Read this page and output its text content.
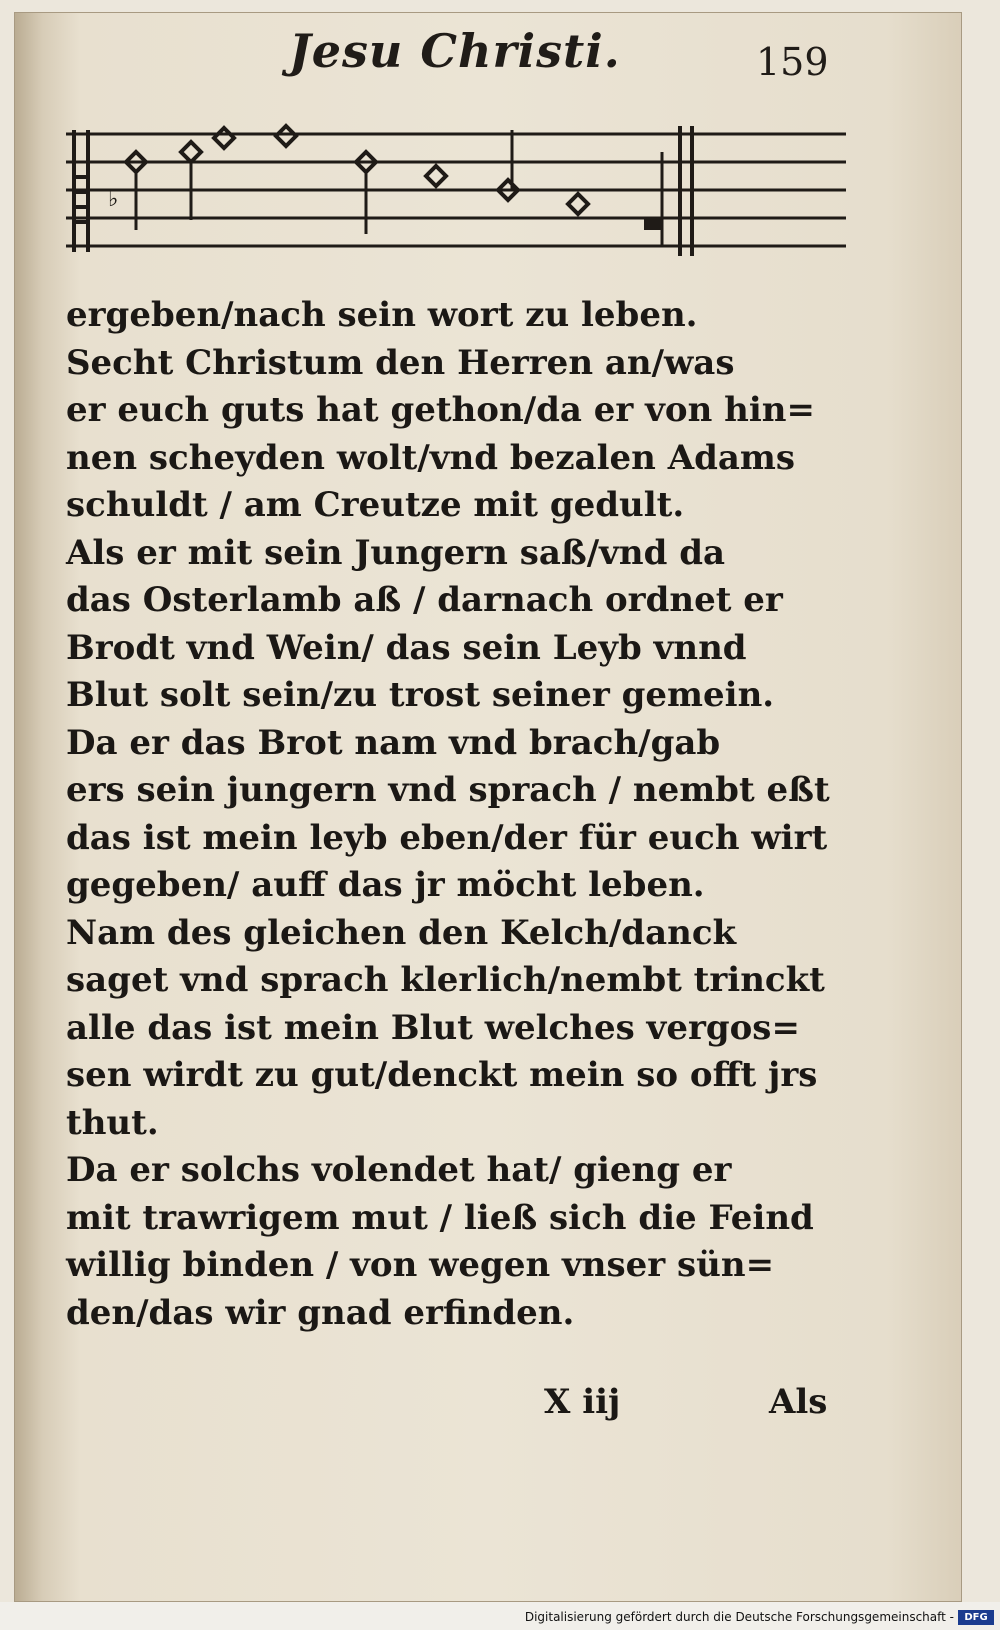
Jesu Christi.	159
♭
ergeben/nach sein wort zu leben.
Secht Christum den Herren an/was
er euch guts hat gethon/da er von hin=
nen scheyden wolt/vnd bezalen Adams
schuldt / am Creutze mit gedult.
Als er mit sein Jungern saß/vnd da
das Osterlamb aß / darnach ordnet er
Brodt vnd Wein/ das sein Leyb vnnd
Blut solt sein/zu trost seiner gemein.
Da er das Brot nam vnd brach/gab
ers sein jungern vnd sprach / nembt eßt
das ist mein leyb eben/der für euch wirt
gegeben/ auff das jr möcht leben.
Nam des gleichen den Kelch/danck
saget vnd sprach klerlich/nembt trinckt
alle das ist mein Blut welches vergos=
sen wirdt zu gut/denckt mein so offt jrs
thut.
Da er solchs volendet hat/ gieng er
mit trawrigem mut / ließ sich die Feind
willig binden / von wegen vnser sün=
den/das wir gnad erfinden.
X iij	Als
Digitalisierung gefördert durch die Deutsche Forschungsgemeinschaft -	DFG
